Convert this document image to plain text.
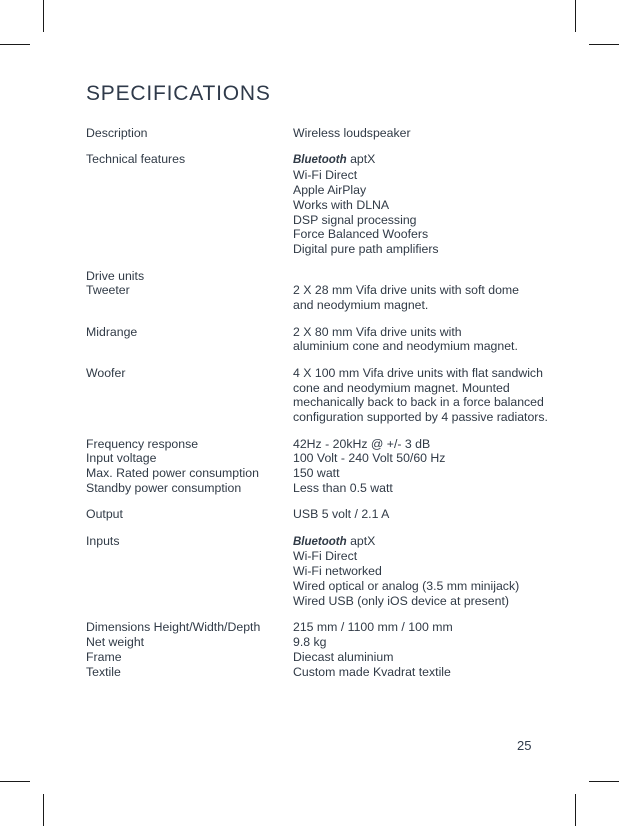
SPECIFICATIONS
Description	Wireless loudspeaker
Technical features	Bluetooth aptX
Wi-Fi Direct
Apple AirPlay
Works with DLNA
DSP signal processing
Force Balanced Woofers
Digital pure path amplifiers
Drive units
Tweeter	2 X 28 mm Vifa drive units with soft dome
and neodymium magnet.
Midrange	2 X 80 mm Vifa drive units with
aluminium cone and neodymium magnet.
Woofer	4 X 100 mm Vifa drive units with flat sandwich
cone and neodymium magnet. Mounted
mechanically back to back in a force balanced
configuration supported by 4 passive radiators.
Frequency response	42Hz - 20kHz @ +/- 3 dB
Input voltage	100 Volt - 240 Volt 50/60 Hz
Max. Rated power consumption	150 watt
Standby power consumption	Less than 0.5 watt
Output	USB 5 volt / 2.1 A
Inputs	Bluetooth aptX
Wi-Fi Direct
Wi-Fi networked
Wired optical or analog (3.5 mm minijack)
Wired USB (only iOS device at present)
Dimensions Height/Width/Depth	215 mm / 1100 mm / 100 mm
Net weight	9.8 kg
Frame	Diecast aluminium
Textile	Custom made Kvadrat textile
25
